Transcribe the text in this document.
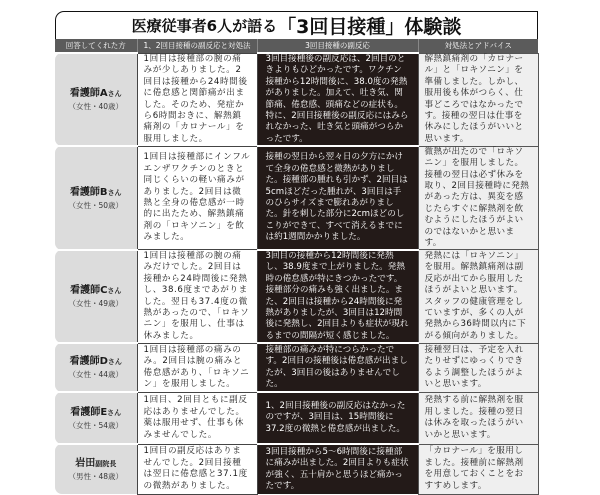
医療従事者6人が語る 「3回目接種」 体験談
回答してくれた方	1、2回目接種の副反応と対処法	3回目接種の副反応	対処法とアドバイス

看護師Aさん
（女性・40歳）	1回目は接種部の腕の痛みが少しありました。2回目は接種から24時間後に倦怠感と関節痛が出ました。そのため、発症から6時間おきに、解熱鎮痛剤の「カロナール」を服用しました。	3回目接種後の副反応は、2回目のときよりもひどかったです。ワクチン接種から12時間後に、38.0度の発熱がありました。加えて、吐き気、関節痛、倦怠感、頭痛などの症状も。特に、2回目接種後の副反応にはみられなかった、吐き気と頭痛がつらかったです。	解熱鎮痛剤の「カロナール」と「ロキソニン」を準備しました。しかし、服用後も体がつらく、仕事どころではなかったです。接種の翌日は仕事を休みにしたほうがいいと思います。

看護師Bさん
（女性・50歳）	1回目は接種部にインフルエンザワクチンのときと同じくらいの軽い痛みがありました。2回目は微熱と全身の倦怠感が一時的に出たため、解熱鎮痛剤の「ロキソニン」を飲みました。	接種の翌日から翌々日の夕方にかけて全身の倦怠感と微熱がありました。接種部の腫れも引かず、2回目は5cmほどだった腫れが、3回目は手のひらサイズまで膨れあがりました。針を刺した部分に2cmほどのしこりができて、すべて消えるまでには約1週間かかりました。	微熱が出たので「ロキソニン」を服用しました。接種の翌日は必ず休みを取り、2回目接種時に発熱があった方は、異変を感じたらすぐに解熱剤を飲むようにしたほうがよいのではないかと思います。

看護師Cさん
（女性・49歳）	1回目は接種部の腕の痛みだけでした。2回目は接種から24時間後に発熱し、38.6度まであがりました。翌日も37.4度の微熱があったので、「ロキソニン」を服用し、仕事は休みました。	3回目の接種から12時間後に発熱し、38.9度まで上がりました。発熱時の倦怠感が特にきつかったです。接種部分の痛みも強く出ました。また、2回目は接種から24時間後に発熱がありましたが、3回目は12時間後に発熱し、2回目よりも症状が現れるまでの間隔が短く感じました。	発熱には「ロキソニン」を服用。解熱鎮痛剤は副反応が出てから服用したほうがよいと思います。スタッフの健康管理をしていますが、多くの人が発熱から36時間以内に下がる傾向がありました。

看護師Dさん
（女性・44歳）	1回目は接種部の痛みのみ。2回目は腕の痛みと倦怠感があり、「ロキソニン」を服用しました。	接種部の痛みが特につらかったです。2回目の接種後は倦怠感が出ましたが、3回目の後はありませんでした。	接種翌日は、予定を入れたりせずにゆっくりできるよう調整したほうがよいと思います。

看護師Eさん
（女性・54歳）	1回目、2回目ともに副反応はありませんでした。薬は服用せず、仕事も休みませんでした。	1、2回目接種後の副反応はなかったのですが、3回目は、15時間後に37.2度の微熱と倦怠感が出ました。	発熱する前に解熱剤を服用しました。接種の翌日は休みを取ったほうがいいかと思います。

岩田副院長
（男性・48歳）	1回目の副反応はありませんでした。2回目接種は翌日に倦怠感と37.1度の微熱がありました。	3回目接種から5〜6時間後に接種部に痛みが出ました。2回目よりも症状が強く、五十肩かと思うほど痛かったです。	「カロナール」を服用しました。接種前に解熱剤を用意しておくことをおすすめします。
